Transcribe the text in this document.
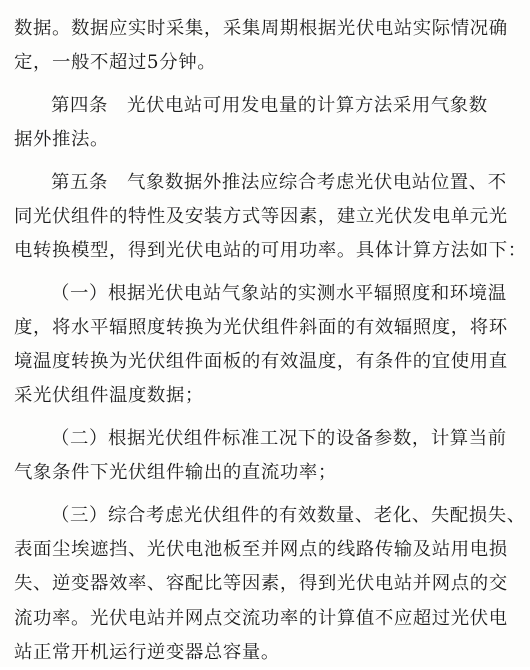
数据。数据应实时采集，采集周期根据光伏电站实际情况确
定，一般不超过5分钟。
第四条　光伏电站可用发电量的计算方法采用气象数
据外推法。
第五条　气象数据外推法应综合考虑光伏电站位置、不
同光伏组件的特性及安装方式等因素，建立光伏发电单元光
电转换模型，得到光伏电站的可用功率。具体计算方法如下：
（一）根据光伏电站气象站的实测水平辐照度和环境温
度，将水平辐照度转换为光伏组件斜面的有效辐照度，将环
境温度转换为光伏组件面板的有效温度，有条件的宜使用直
采光伏组件温度数据；
（二）根据光伏组件标准工况下的设备参数，计算当前
气象条件下光伏组件输出的直流功率；
（三）综合考虑光伏组件的有效数量、老化、失配损失、
表面尘埃遮挡、光伏电池板至并网点的线路传输及站用电损
失、逆变器效率、容配比等因素，得到光伏电站并网点的交
流功率。光伏电站并网点交流功率的计算值不应超过光伏电
站正常开机运行逆变器总容量。
